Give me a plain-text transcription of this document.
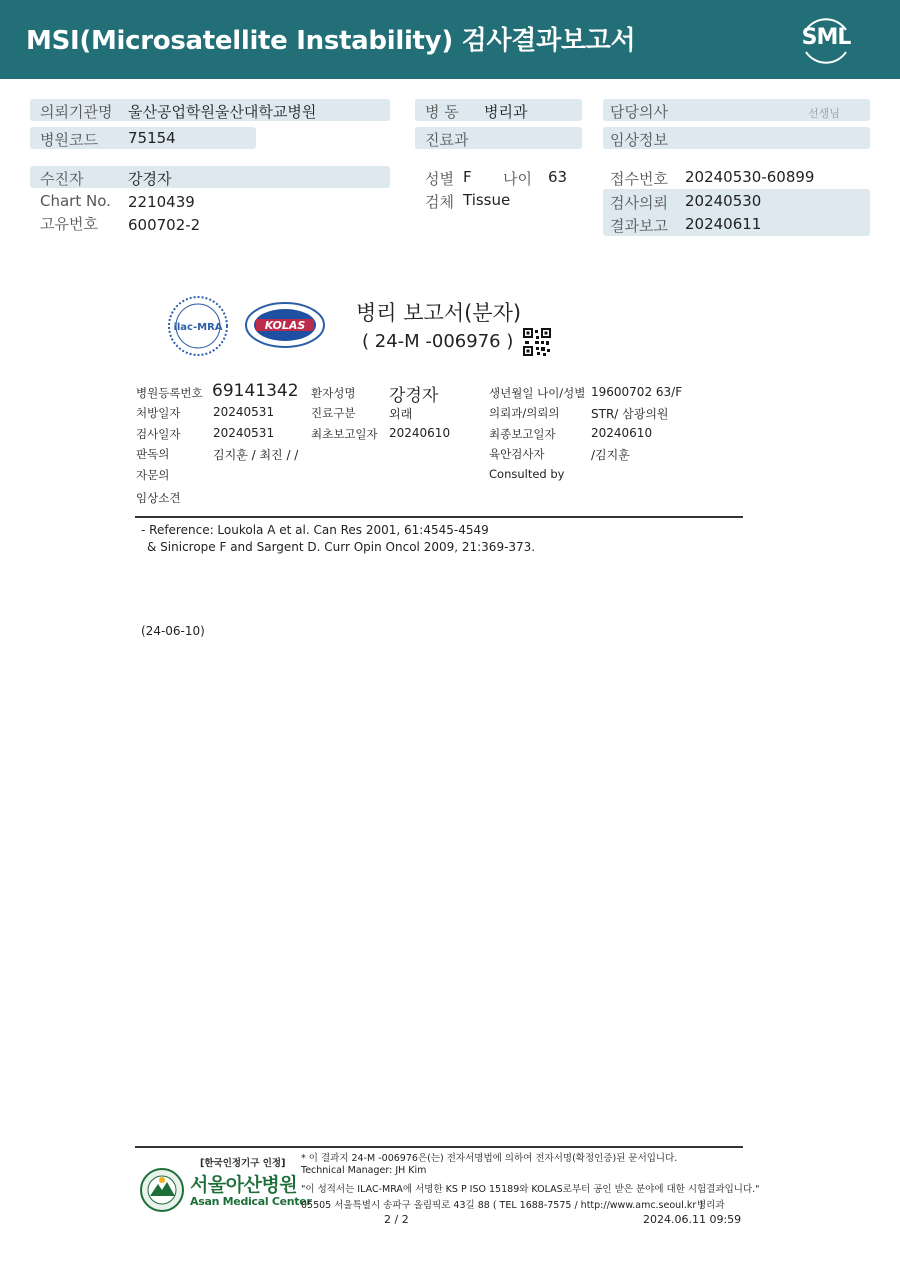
MSI(Microsatellite Instability) 검사결과보고서	SML
의뢰기관명 울산공업학원울산대학교병원
병원코드 75154
병 동 병리과
진료과
담당의사	선생님
임상정보
수진자	강경자
Chart No. 2210439
고유번호 600702-2
성별 F 나이 63
검체 Tissue
접수번호 20240530-60899
검사의뢰 20240530
결과보고 20240611
ilac-MRA	KOLAS
병리 보고서(분자)
( 24-M -006976 )
병원등록번호 69141342 환자성명 강경자	생년월일 나이/성별 19600702 63/F
처방일자	20240531	진료구분	외래	의뢰과/의뢰의	STR/ 삼광의원
검사일자	20240531	최초보고일자 20240610	최종보고일자	20240610
판독의	김지훈 / 최진 / /	육안검사자	/김지훈
자문의	Consulted by
임상소견
- Reference: Loukola A et al. Can Res 2001, 61:4545-4549
& Sinicrope F and Sargent D. Curr Opin Oncol 2009, 21:369-373.
(24-06-10)
[한국인정기구 인정]
서울아산병원
Asan Medical Center
* 이 결과지 24-M -006976은(는) 전자서명법에 의하여 전자서명(확정인증)된 문서입니다.
Technical Manager: JH Kim
"이 성적서는 ILAC-MRA에 서명한 KS P ISO 15189와 KOLAS로부터 공인 받은 분야에 대한 시험결과입니다."
05505 서울특별시 송파구 올림픽로 43길 88 ( TEL 1688-7575 / http://www.amc.seoul.kr )
병리과
2 / 2	2024.06.11 09:59
